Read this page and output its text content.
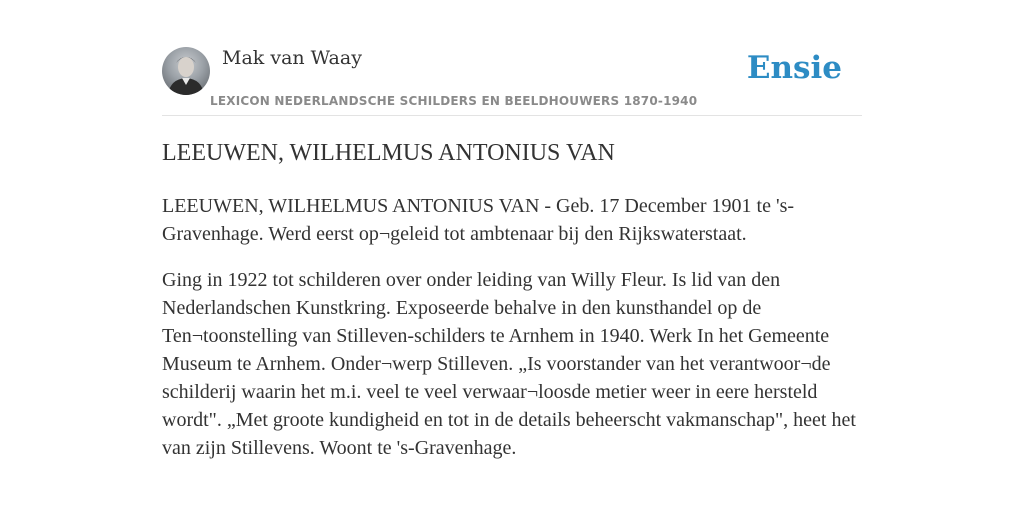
Mak van Waay
LEXICON NEDERLANDSCHE SCHILDERS EN BEELDHOUWERS 1870-1940
Ensie
LEEUWEN, WILHELMUS ANTONIUS VAN

LEEUWEN, WILHELMUS ANTONIUS VAN - Geb. 17 December 1901 te 's-Gravenhage. Werd eerst op¬geleid tot ambtenaar bij den Rijkswaterstaat.

Ging in 1922 tot schilderen over onder leiding van Willy Fleur. Is lid van den Nederlandschen Kunstkring. Exposeerde behalve in den kunsthandel op de Ten¬toonstelling van Stilleven-schilders te Arnhem in 1940. Werk In het Gemeente Museum te Arnhem. Onder¬werp Stilleven. „Is voorstander van het verantwoor¬de schilderij waarin het m.i. veel te veel verwaar¬loosde metier weer in eere hersteld wordt". „Met groote kundigheid en tot in de details beheerscht vakmanschap", heet het van zijn Stillevens. Woont te 's-Gravenhage.
